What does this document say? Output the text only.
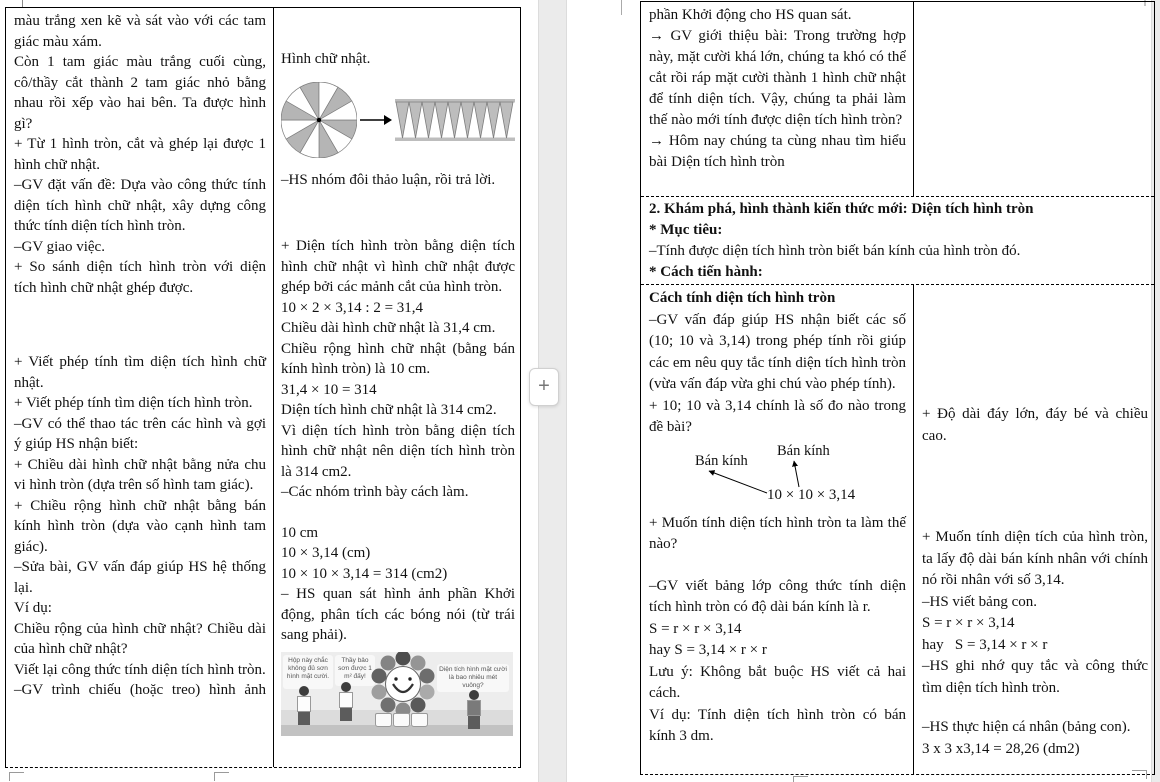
+
màu trắng xen kẽ và sát vào với các tam giác màu xám.
Còn 1 tam giác màu trắng cuối cùng, cô/thầy cắt thành 2 tam giác nhỏ bằng nhau rồi xếp vào hai bên. Ta được hình gì?
+ Từ 1 hình tròn, cắt và ghép lại được 1 hình chữ nhật.
–GV đặt vấn đề: Dựa vào công thức tính diện tích hình chữ nhật, xây dựng công thức tính diện tích hình tròn.
–GV giao việc.
+ So sánh diện tích hình tròn với diện tích hình chữ nhật ghép được.
+ Viết phép tính tìm diện tích hình chữ nhật.
+ Viết phép tính tìm diện tích hình tròn.
–GV có thể thao tác trên các hình và gợi ý giúp HS nhận biết:
+ Chiều dài hình chữ nhật bằng nửa chu vi hình tròn (dựa trên số hình tam giác).
+ Chiều rộng hình chữ nhật bằng bán kính hình tròn (dựa vào cạnh hình tam giác).
–Sửa bài, GV vấn đáp giúp HS hệ thống lại.
Ví dụ:
Chiều rộng của hình chữ nhật? Chiều dài của hình chữ nhật?
Viết lại công thức tính diện tích hình tròn.
–GV trình chiếu (hoặc treo) hình ảnh
Hình chữ nhật.
–HS nhóm đôi thảo luận, rồi trả lời.
+ Diện tích hình tròn bằng diện tích hình chữ nhật vì hình chữ nhật được ghép bởi các mảnh cắt của hình tròn.
10 × 2 × 3,14 : 2 = 31,4
Chiều dài hình chữ nhật là 31,4 cm.
Chiều rộng hình chữ nhật (bằng bán kính hình tròn) là 10 cm.
31,4 × 10 = 314
Diện tích hình chữ nhật là 314 cm2.
Vì diện tích hình tròn bằng diện tích hình chữ nhật nên diện tích hình tròn là 314 cm2.
–Các nhóm trình bày cách làm.
10 cm
10 × 3,14 (cm)
10 × 10 × 3,14 = 314 (cm2)
– HS quan sát hình ảnh phần Khởi động, phân tích các bóng nói (từ trái sang phải).
Hộp này chắc không đủ sơn hình mặt cười.
Thầy bảo sơn được 1 m² đấy!
Diện tích hình mặt cười là bao nhiêu mét vuông?
phần Khởi động cho HS quan sát.
→ GV giới thiệu bài: Trong trường hợp này, mặt cười khá lớn, chúng ta khó có thể cắt rồi ráp mặt cười thành 1 hình chữ nhật để tính diện tích. Vậy, chúng ta phải làm thế nào mới tính được diện tích hình tròn?
→ Hôm nay chúng ta cùng nhau tìm hiểu bài Diện tích hình tròn
2. Khám phá, hình thành kiến thức mới: Diện tích hình tròn
* Mục tiêu:
–Tính được diện tích hình tròn biết bán kính của hình tròn đó.
* Cách tiến hành:
Cách tính diện tích hình tròn
–GV vấn đáp giúp HS nhận biết các số (10; 10 và 3,14) trong phép tính rồi giúp các em nêu quy tắc tính diện tích hình tròn (vừa vấn đáp vừa ghi chú vào phép tính).
+ 10; 10 và 3,14 chính là số đo nào trong đề bài?
Bán kính
Bán kính
10 × 10 × 3,14
+ Muốn tính diện tích hình tròn ta làm thế nào?
–GV viết bảng lớp công thức tính diện tích hình tròn có độ dài bán kính là r.
S = r × r × 3,14
hay S = 3,14 × r × r
Lưu ý: Không bắt buộc HS viết cả hai cách.
Ví dụ: Tính diện tích hình tròn có bán kính 3 dm.
+ Độ dài đáy lớn, đáy bé và chiều cao.
+ Muốn tính diện tích của hình tròn, ta lấy độ dài bán kính nhân với chính nó rồi nhân với số 3,14.
–HS viết bảng con.
S = r × r × 3,14
hay   S = 3,14 × r × r
–HS ghi nhớ quy tắc và công thức tìm diện tích hình tròn.
–HS thực hiện cá nhân (bảng con).
3 x 3 x3,14 = 28,26 (dm2)
